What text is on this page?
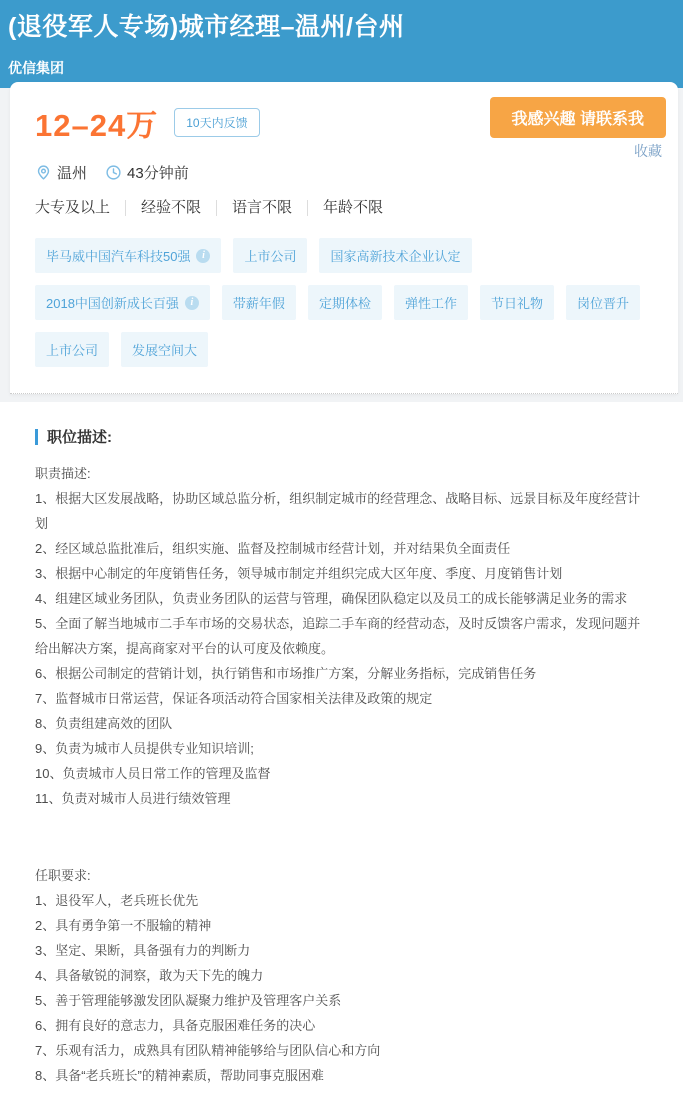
(退役军人专场)城市经理–温州/台州
优信集团
12–24万	10天内反馈	我感兴趣 请联系我
收藏
温州	43分钟前
大专及以上	经验不限	语言不限	年龄不限
毕马威中国汽车科技50强	i	上市公司	国家高新技术企业认定
2018中国创新成长百强	i	带薪年假	定期体检	弹性工作	节日礼物	岗位晋升
上市公司	发展空间大
职位描述:
职责描述:
1、根据大区发展战略，协助区域总监分析，组织制定城市的经营理念、战略目标、远景目标及年度经营计划
2、经区域总监批准后，组织实施、监督及控制城市经营计划，并对结果负全面责任
3、根据中心制定的年度销售任务，领导城市制定并组织完成大区年度、季度、月度销售计划
4、组建区域业务团队，负责业务团队的运营与管理，确保团队稳定以及员工的成长能够满足业务的需求
5、全面了解当地城市二手车市场的交易状态，追踪二手车商的经营动态，及时反馈客户需求，发现问题并给出解决方案，提高商家对平台的认可度及依赖度。
6、根据公司制定的营销计划，执行销售和市场推广方案，分解业务指标，完成销售任务
7、监督城市日常运营，保证各项活动符合国家相关法律及政策的规定
8、负责组建高效的团队
9、负责为城市人员提供专业知识培训;
10、负责城市人员日常工作的管理及监督
11、负责对城市人员进行绩效管理
任职要求:
1、退役军人，老兵班长优先
2、具有勇争第一不服输的精神
3、坚定、果断，具备强有力的判断力
4、具备敏锐的洞察，敢为天下先的魄力
5、善于管理能够激发团队凝聚力维护及管理客户关系
6、拥有良好的意志力，具备克服困难任务的决心
7、乐观有活力，成熟具有团队精神能够给与团队信心和方向
8、具备“老兵班长”的精神素质，帮助同事克服困难
